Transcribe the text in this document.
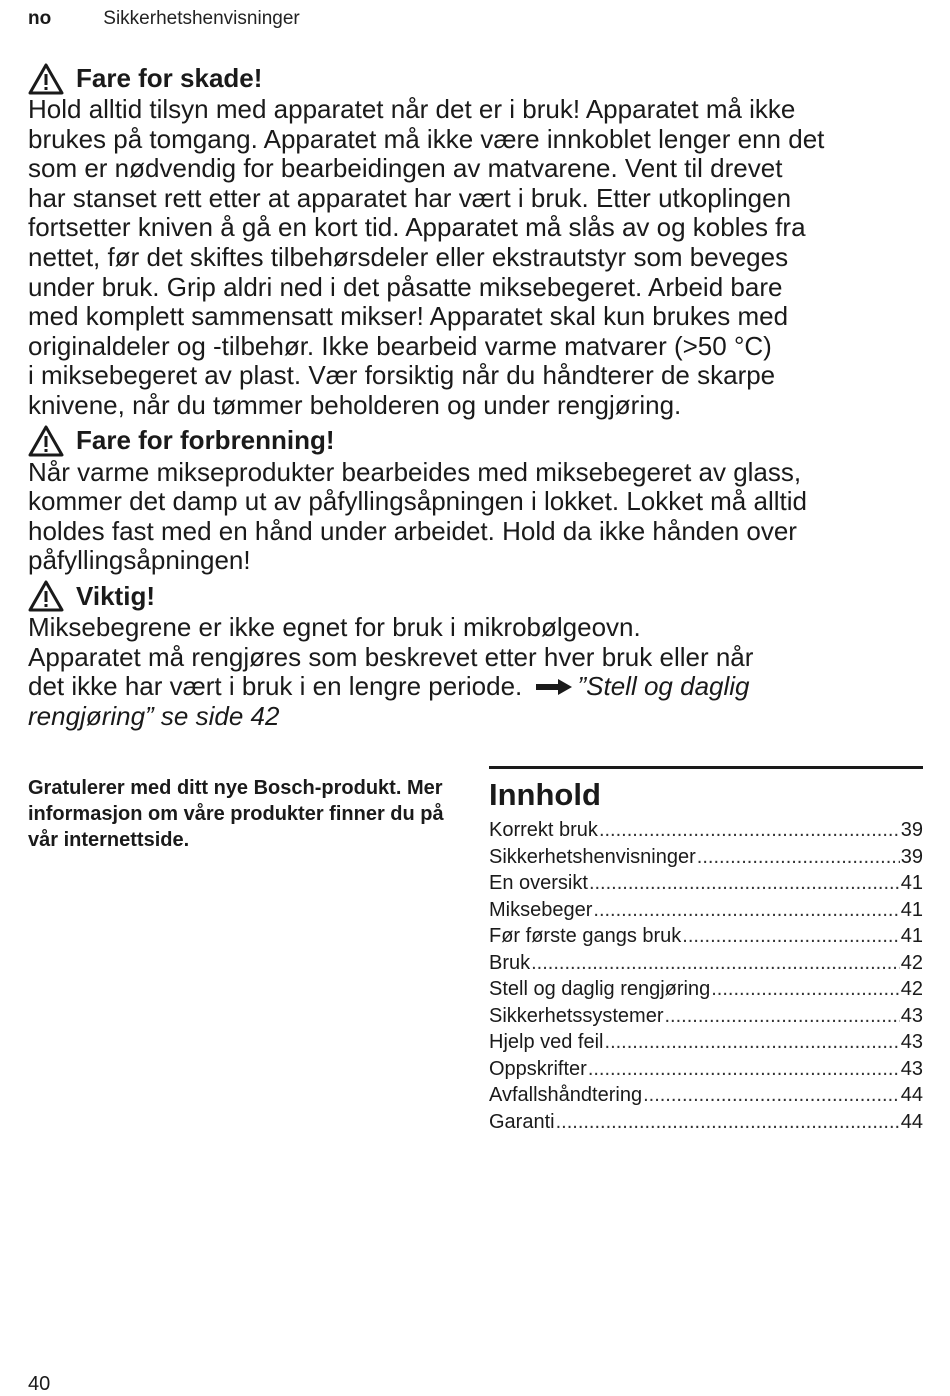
no	Sikkerhetshenvisninger
Fare for skade!
Hold alltid tilsyn med apparatet når det er i bruk! Apparatet må ikke
brukes på tomgang. Apparatet må ikke være innkoblet lenger enn det
som er nødvendig for bearbeidingen av matvarene. Vent til drevet
har stanset rett etter at apparatet har vært i bruk. Etter utkoplingen
fortsetter kniven å gå en kort tid. Apparatet må slås av og kobles fra
nettet, før det skiftes tilbehørsdeler eller ekstrautstyr som beveges
under bruk. Grip aldri ned i det påsatte miksebegeret. Arbeid bare
med komplett sammensatt mikser! Apparatet skal kun brukes med
originaldeler og -tilbehør. Ikke bearbeid varme matvarer (>50 °C)
i miksebegeret av plast. Vær forsiktig når du håndterer de skarpe
knivene, når du tømmer beholderen og under rengjøring.
Fare for forbrenning!
Når varme mikseprodukter bearbeides med miksebegeret av glass,
kommer det damp ut av påfyllingsåpningen i lokket. Lokket må alltid
holdes fast med en hånd under arbeidet. Hold da ikke hånden over
påfyllingsåpningen!
Viktig!
Miksebegrene er ikke egnet for bruk i mikrobølgeovn.
Apparatet må rengjøres som beskrevet etter hver bruk eller når
det ikke har vært i bruk i en lengre periode. ”Stell og daglig
rengjøring” se side 42
Gratulerer med ditt nye Bosch-produkt. Mer informasjon om våre produkter finner du på vår internettside.
Innhold
Korrekt bruk .....	39
Sikkerhetshenvisninger .....	39
En oversikt .....	41
Miksebeger .....	41
Før første gangs bruk .....	41
Bruk .....	42
Stell og daglig rengjøring .....	42
Sikkerhetssystemer .....	43
Hjelp ved feil .....	43
Oppskrifter .....	43
Avfallshåndtering .....	44
Garanti .....	44
40
